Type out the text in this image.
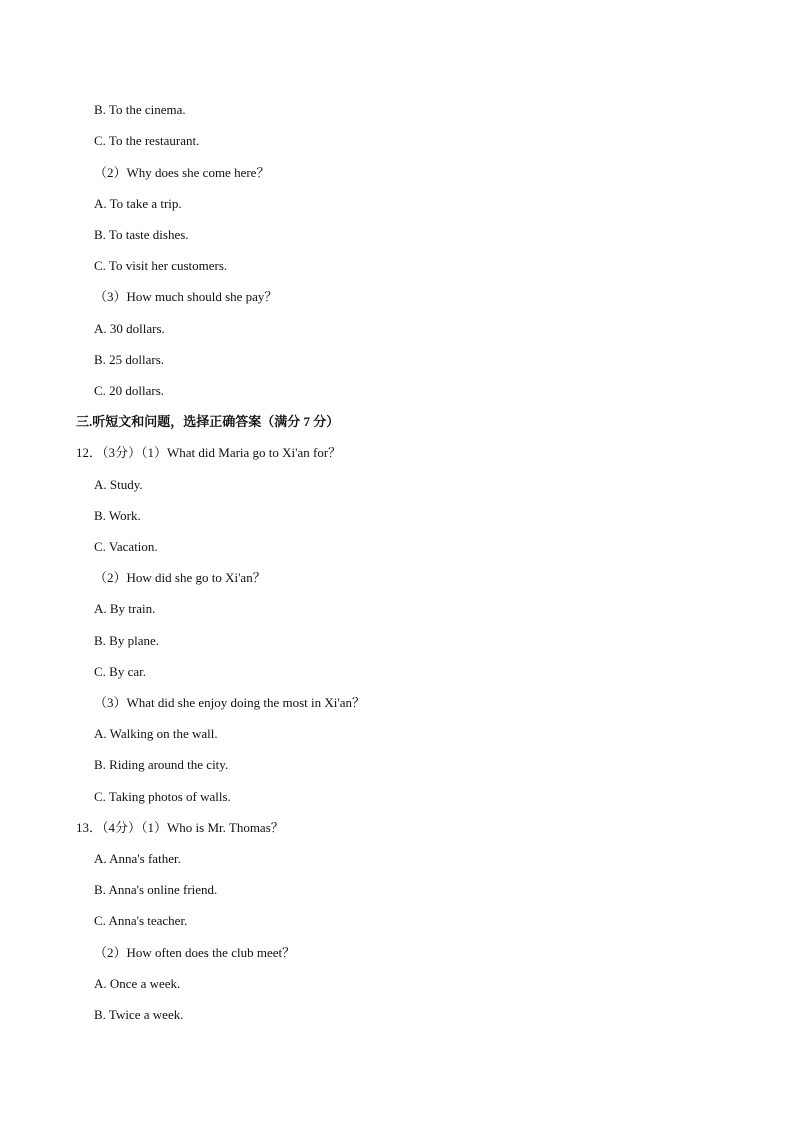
B. To the cinema.
C. To the restaurant.
（2）Why does she come here？
A. To take a trip.
B. To taste dishes.
C. To visit her customers.
（3）How much should she pay？
A. 30 dollars.
B. 25 dollars.
C. 20 dollars.
三.听短文和问题，选择正确答案（满分 7 分）
12．（3分）（1）What did Maria go to Xi'an for？
A. Study.
B. Work.
C. Vacation.
（2）How did she go to Xi'an？
A. By train.
B. By plane.
C. By car.
（3）What did she enjoy doing the most in Xi'an？
A. Walking on the wall.
B. Riding around the city.
C. Taking photos of walls.
13．（4分）（1）Who is Mr. Thomas？
A. Anna's father.
B. Anna's online friend.
C. Anna's teacher.
（2）How often does the club meet？
A. Once a week.
B. Twice a week.
